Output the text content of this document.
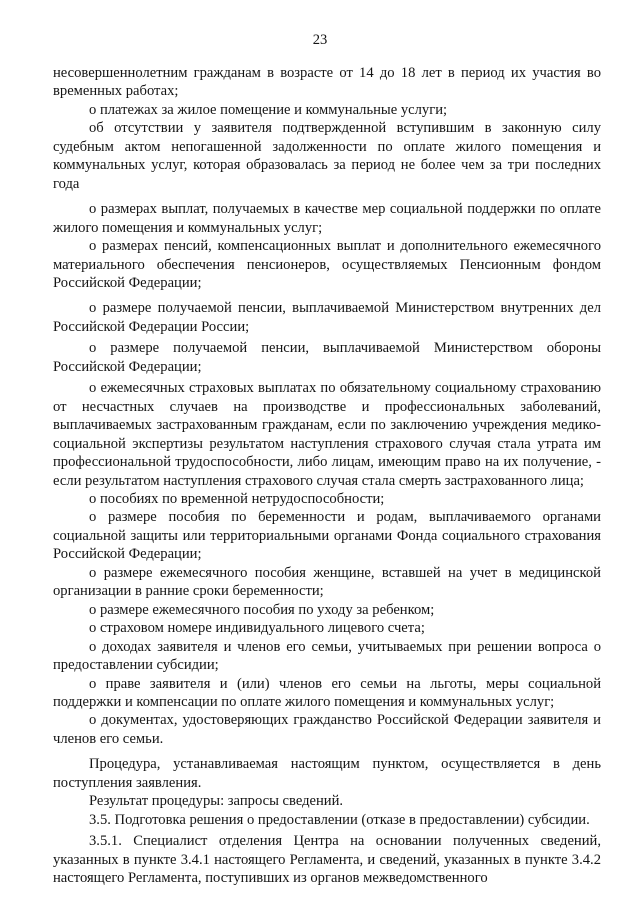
23

несовершеннолетним гражданам в возрасте от 14 до 18 лет в период их участия во временных работах;

о платежах за жилое помещение и коммунальные услуги;

об отсутствии у заявителя подтвержденной вступившим в законную силу судебным актом непогашенной задолженности по оплате жилого помещения и коммунальных услуг, которая образовалась за период не более чем за три последних года

о размерах выплат, получаемых в качестве мер социальной поддержки по оплате жилого помещения и коммунальных услуг;

о размерах пенсий, компенсационных выплат и дополнительного ежемесячного материального обеспечения пенсионеров, осуществляемых Пенсионным фондом Российской Федерации;

о размере получаемой пенсии, выплачиваемой Министерством внутренних дел Российской Федерации России;

о размере получаемой пенсии, выплачиваемой Министерством обороны Российской Федерации;

о ежемесячных страховых выплатах по обязательному социальному страхованию от несчастных случаев на производстве и профессиональных заболеваний, выплачиваемых застрахованным гражданам, если по заключению учреждения медико-социальной экспертизы результатом наступления страхового случая стала утрата им профессиональной трудоспособности, либо лицам, имеющим право на их получение, - если результатом наступления страхового случая стала смерть застрахованного лица;

о пособиях по временной нетрудоспособности;

о размере пособия по беременности и родам, выплачиваемого органами социальной защиты или территориальными органами Фонда социального страхования Российской Федерации;

о размере ежемесячного пособия женщине, вставшей на учет в медицинской организации в ранние сроки беременности;

о размере ежемесячного пособия по уходу за ребенком;

о страховом номере индивидуального лицевого счета;

о доходах заявителя и членов его семьи, учитываемых при решении вопроса о предоставлении субсидии;

о праве заявителя и (или) членов его семьи на льготы, меры социальной поддержки и компенсации по оплате жилого помещения и коммунальных услуг;

о документах, удостоверяющих гражданство Российской Федерации заявителя и членов его семьи.

Процедура, устанавливаемая настоящим пунктом, осуществляется в день поступления заявления.

Результат процедуры: запросы сведений.

3.5. Подготовка решения о предоставлении (отказе в предоставлении) субсидии.

3.5.1. Специалист отделения Центра на основании полученных сведений, указанных в пункте 3.4.1 настоящего Регламента, и сведений, указанных в пункте 3.4.2 настоящего Регламента, поступивших из органов межведомственного
